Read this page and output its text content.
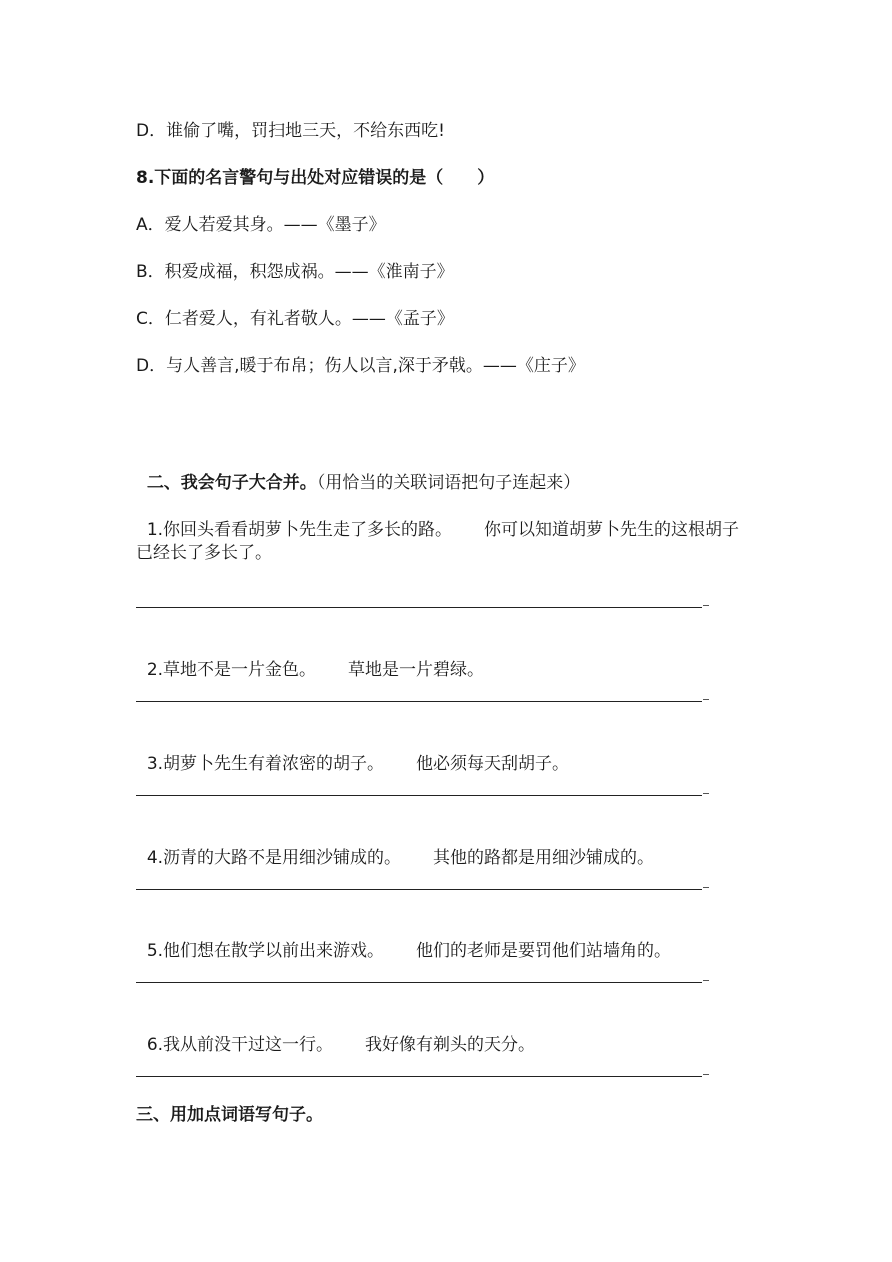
D．谁偷了嘴，罚扫地三天，不给东西吃!
8.下面的名言警句与出处对应错误的是（　　）
A．爱人若爱其身。——《墨子》
B．积爱成福，积怨成祸。——《淮南子》
C．仁者爱人，有礼者敬人。——《孟子》
D．与人善言,暖于布帛；伤人以言,深于矛戟。——《庄子》

二、我会句子大合并。（用恰当的关联词语把句子连起来）

1.你回头看看胡萝卜先生走了多长的路。 你可以知道胡萝卜先生的这根胡子

已经长了多长了。

2.草地不是一片金色。 草地是一片碧绿。

3.胡萝卜先生有着浓密的胡子。 他必须每天刮胡子。

4.沥青的大路不是用细沙铺成的。 其他的路都是用细沙铺成的。

5.他们想在散学以前出来游戏。 他们的老师是要罚他们站墙角的。

6.我从前没干过这一行。 我好像有剃头的天分。

三、用加点词语写句子。
